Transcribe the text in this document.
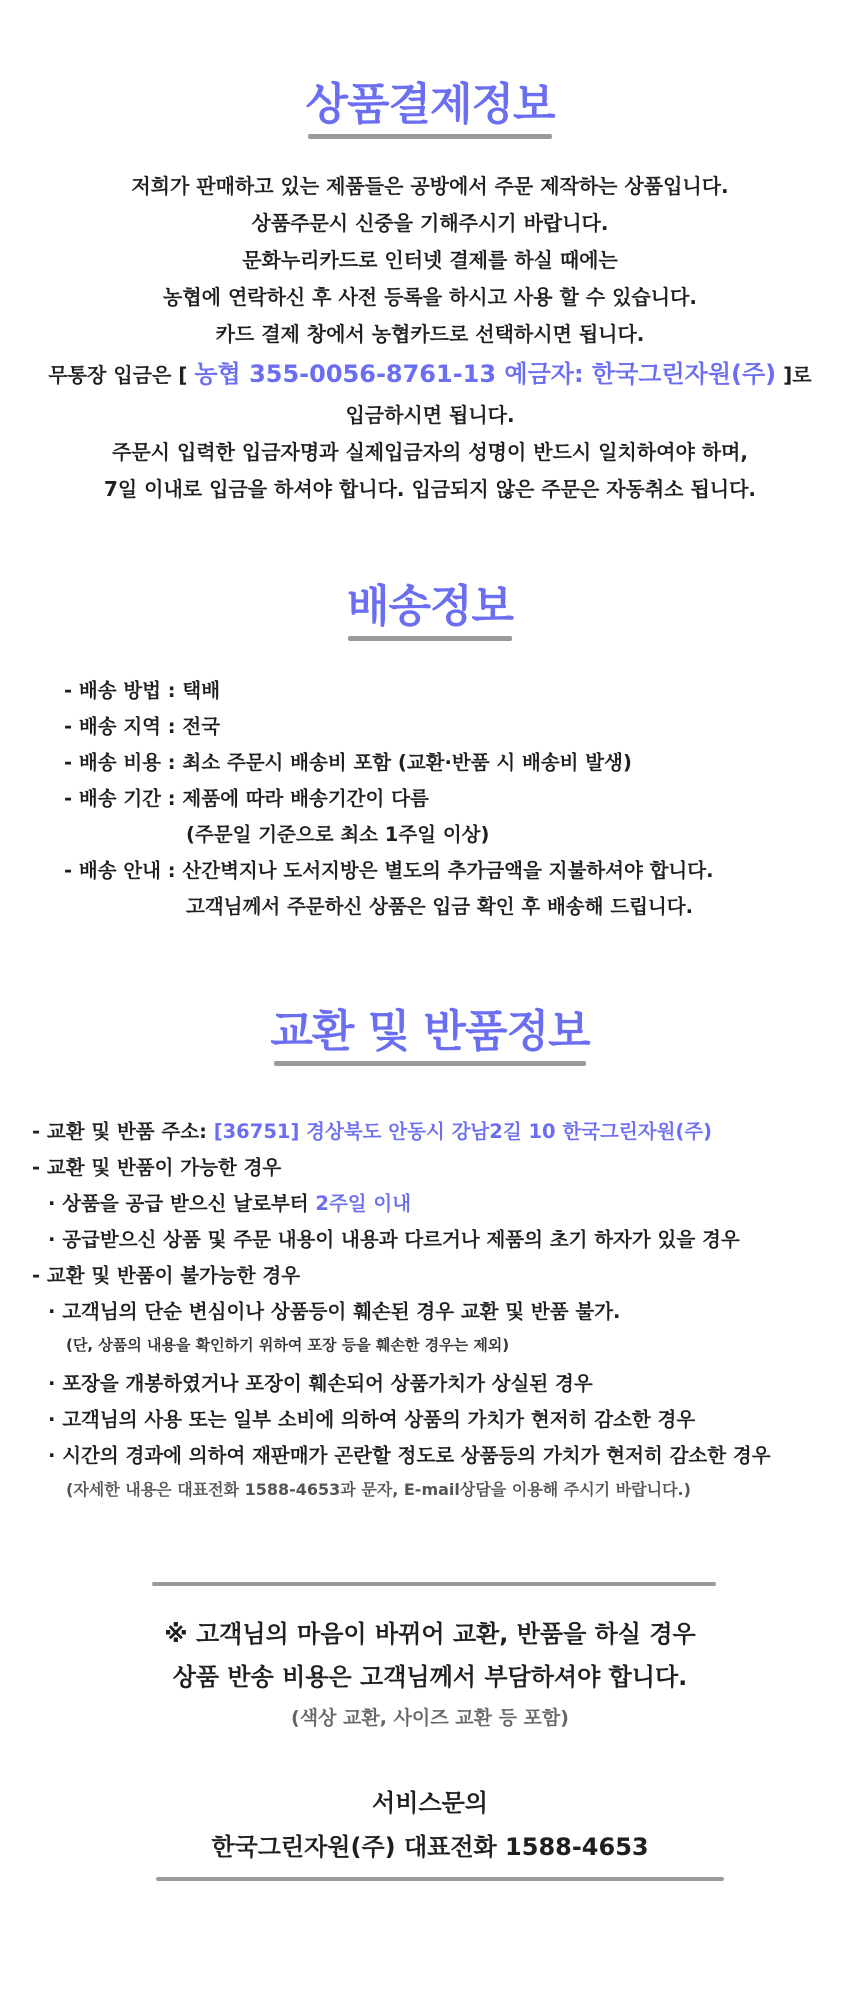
상품결제정보
저희가 판매하고 있는 제품들은 공방에서 주문 제작하는 상품입니다.
상품주문시 신중을 기해주시기 바랍니다.
문화누리카드로 인터넷 결제를 하실 때에는
농협에 연락하신 후 사전 등록을 하시고 사용 할 수 있습니다.
카드 결제 창에서 농협카드로 선택하시면 됩니다.
무통장 입금은 [ 농협 355-0056-8761-13 예금자: 한국그린자원(주) ]로
입금하시면 됩니다.
주문시 입력한 입금자명과 실제입금자의 성명이 반드시 일치하여야 하며,
7일 이내로 입금을 하셔야 합니다. 입금되지 않은 주문은 자동취소 됩니다.
배송정보
- 배송 방법 : 택배
- 배송 지역 : 전국
- 배송 비용 : 최소 주문시 배송비 포함 (교환·반품 시 배송비 발생)
- 배송 기간 : 제품에 따라 배송기간이 다름
(주문일 기준으로 최소 1주일 이상)
- 배송 안내 : 산간벽지나 도서지방은 별도의 추가금액을 지불하셔야 합니다.
고객님께서 주문하신 상품은 입금 확인 후 배송해 드립니다.
교환 및 반품정보
- 교환 및 반품 주소: [36751] 경상북도 안동시 강남2길 10 한국그린자원(주)
- 교환 및 반품이 가능한 경우
· 상품을 공급 받으신 날로부터 2주일 이내
· 공급받으신 상품 및 주문 내용이 내용과 다르거나 제품의 초기 하자가 있을 경우
- 교환 및 반품이 불가능한 경우
· 고객님의 단순 변심이나 상품등이 훼손된 경우 교환 및 반품 불가.
(단, 상품의 내용을 확인하기 위하여 포장 등을 훼손한 경우는 제외)
· 포장을 개봉하였거나 포장이 훼손되어 상품가치가 상실된 경우
· 고객님의 사용 또는 일부 소비에 의하여 상품의 가치가 현저히 감소한 경우
· 시간의 경과에 의하여 재판매가 곤란할 정도로 상품등의 가치가 현저히 감소한 경우
(자세한 내용은 대표전화 1588-4653과 문자, E-mail상담을 이용해 주시기 바랍니다.)
※ 고객님의 마음이 바뀌어 교환, 반품을 하실 경우
상품 반송 비용은 고객님께서 부담하셔야 합니다.
(색상 교환, 사이즈 교환 등 포함)
서비스문의
한국그린자원(주) 대표전화 1588-4653
